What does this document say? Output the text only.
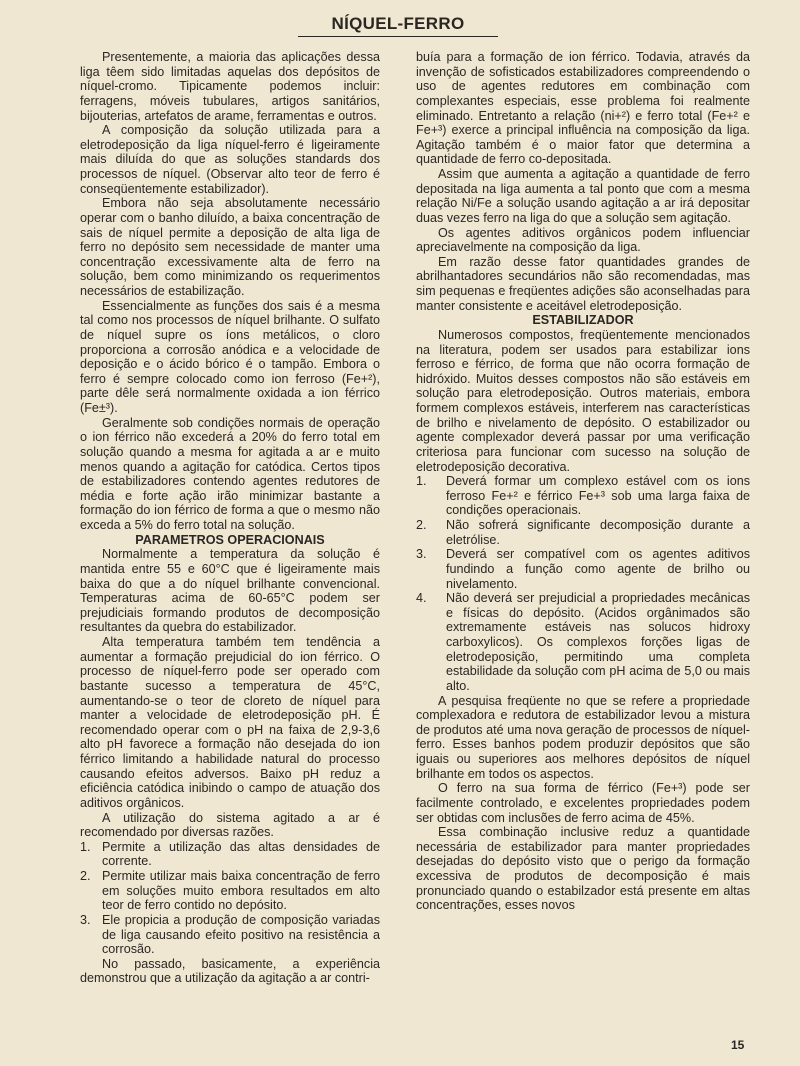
NÍQUEL-FERRO

Presentemente, a maioria das aplicações dessa liga têem sido limitadas aquelas dos depósitos de níquel-cromo. Tipicamente podemos incluir: ferragens, móveis tubulares, artigos sanitários, bijouterias, artefatos de arame, ferramentas e outros.

A composição da solução utilizada para a eletrodeposição da liga níquel-ferro é ligeiramente mais diluída do que as soluções standards dos processos de níquel. (Observar alto teor de ferro é conseqüentemente estabilizador).

Embora não seja absolutamente necessário operar com o banho diluído, a baixa concentração de sais de níquel permite a deposição de alta liga de ferro no depósito sem necessidade de manter uma concentração excessivamente alta de ferro na solução, bem como minimizando os requerimentos necessários de estabilização.

Essencialmente as funções dos sais é a mesma tal como nos processos de níquel brilhante. O sulfato de níquel supre os íons metálicos, o cloro proporciona a corrosão anódica e a velocidade de deposição e o ácido bórico é o tampão. Embora o ferro é sempre colocado como ion ferroso (Fe+²), parte dêle será normalmente oxidada a ion férrico (Fe±³).

Geralmente sob condições normais de operação o ion férrico não excederá a 20% do ferro total em solução quando a mesma for agitada a ar e muito menos quando a agitação for catódica. Certos tipos de estabilizadores contendo agentes redutores de média e forte ação irão minimizar bastante a formação do ion férrico de forma a que o mesmo não exceda a 5% do ferro total na solução.

PARAMETROS OPERACIONAIS

Normalmente a temperatura da solução é mantida entre 55 e 60°C que é ligeiramente mais baixa do que a do níquel brilhante convencional. Temperaturas acima de 60-65°C podem ser prejudiciais formando produtos de decomposição resultantes da quebra do estabilizador.

Alta temperatura também tem tendência a aumentar a formação prejudicial do ion férrico. O processo de níquel-ferro pode ser operado com bastante sucesso a temperatura de 45°C, aumentando-se o teor de cloreto de níquel para manter a velocidade de eletrodeposição pH. É recomendado operar com o pH na faixa de 2,9-3,6 alto pH favorece a formação não desejada do ion férrico limitando a habilidade natural do processo causando efeitos adversos. Baixo pH reduz a eficiência catódica inibindo o campo de atuação dos aditivos orgânicos.

A utilização do sistema agitado a ar é recomendado por diversas razões.

1. Permite a utilização das altas densidades de corrente.
2. Permite utilizar mais baixa concentração de ferro em soluções muito embora resultados em alto teor de ferro contido no depósito.
3. Ele propicia a produção de composição variadas de liga causando efeito positivo na resistência a corrosão.

No passado, basicamente, a experiência demonstrou que a utilização da agitação a ar contri-

buía para a formação de ion férrico. Todavia, através da invenção de sofisticados estabilizadores compreendendo o uso de agentes redutores em combinação com complexantes especiais, esse problema foi realmente eliminado. Entretanto a relação (ni+²) e ferro total (Fe+² e Fe+³) exerce a principal influência na composição da liga. Agitação também é o maior fator que determina a quantidade de ferro co-depositada.

Assim que aumenta a agitação a quantidade de ferro depositada na liga aumenta a tal ponto que com a mesma relação Ni/Fe a solução usando agitação a ar irá depositar duas vezes ferro na liga do que a solução sem agitação.

Os agentes aditivos orgânicos podem influenciar apreciavelmente na composição da liga.

Em razão desse fator quantidades grandes de abrilhantadores secundários não são recomendadas, mas sim pequenas e freqüentes adições são aconselhadas para manter consistente e aceitável eletrodeposição.

ESTABILIZADOR

Numerosos compostos, freqüentemente mencionados na literatura, podem ser usados para estabilizar ions ferroso e férrico, de forma que não ocorra formação de hidróxido. Muitos desses compostos não são estáveis em solução para eletrodeposição. Outros materiais, embora formem complexos estáveis, interferem nas características de brilho e nivelamento de depósito. O estabilizador ou agente complexador deverá passar por uma verificação criteriosa para funcionar com sucesso na solução de eletrodeposição decorativa.

1.	Deverá formar um complexo estável com os ions ferroso Fe+² e férrico Fe+³ sob uma larga faixa de condições operacionais.
2.	Não sofrerá significante decomposição durante a eletrólise.
3.	Deverá ser compatível com os agentes aditivos fundindo a função como agente de brilho ou nivelamento.
4.	Não deverá ser prejudicial a propriedades mecânicas e físicas do depósito. (Acidos orgânimados são extremamente estáveis nas solucos hidroxy carboxylicos). Os complexos forções ligas de eletrodeposição, permitindo uma completa estabilidade da solução com pH acima de 5,0 ou mais alto.

A pesquisa freqüente no que se refere a propriedade complexadora e redutora de estabilizador levou a mistura de produtos até uma nova geração de processos de níquel-ferro. Esses banhos podem produzir depósitos que são iguais ou superiores aos melhores depósitos de níquel brilhante em todos os aspectos.

O ferro na sua forma de férrico (Fe+³) pode ser facilmente controlado, e excelentes propriedades podem ser obtidas com inclusões de ferro acima de 45%.

Essa combinação inclusive reduz a quantidade necessária de estabilizador para manter propriedades desejadas do depósito visto que o perigo da formação excessiva de produtos de decomposição é mais pronunciado quando o estabilzador está presente em altas concentrações, esses novos

15
